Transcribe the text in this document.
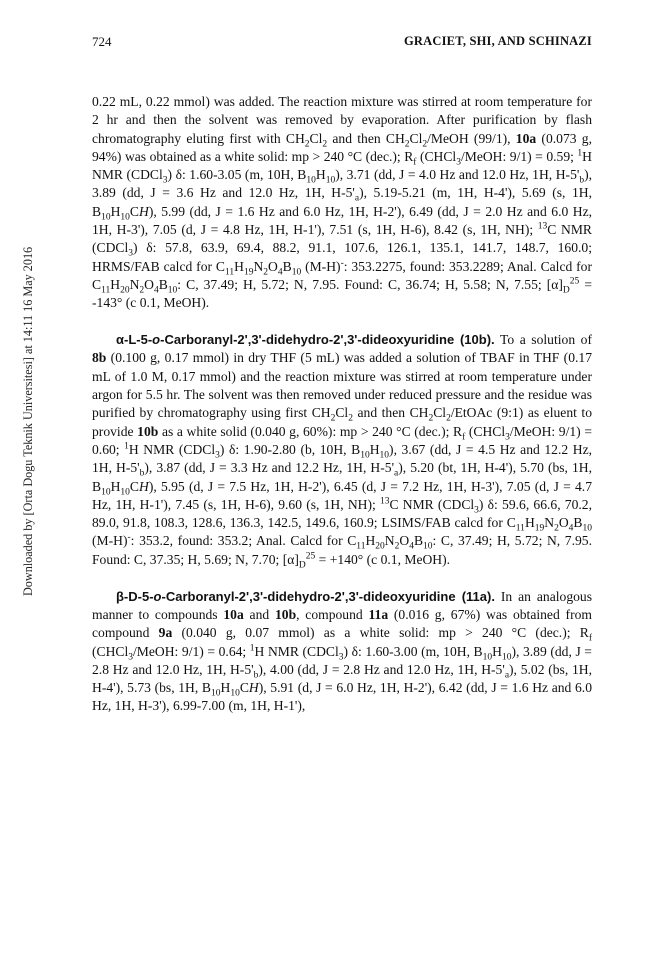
724	GRACIET, SHI, AND SCHINAZI
Downloaded by [Orta Dogu Teknik Universitesi] at 14:11 16 May 2016

0.22 mL, 0.22 mmol) was added. The reaction mixture was stirred at room temperature for 2 hr and then the solvent was removed by evaporation. After purification by flash chromatography eluting first with $CH_2Cl_2$ and then $CH_2Cl_2$/MeOH (99/1), 10a (0.073 g, 94%) was obtained as a white solid: mp > 240 °C (dec.); $R_f$ (CHCl$_3$/MeOH: 9/1) = 0.59; $^1$H NMR (CDCl$_3$) δ: 1.60-3.05 (m, 10H, $B_{10}H_{10}$), 3.71 (dd, J = 4.0 Hz and 12.0 Hz, 1H, $H-5'_b$), 3.89 (dd, J = 3.6 Hz and 12.0 Hz, 1H, $H-5'_a$), 5.19-5.21 (m, 1H, H-4'), 5.69 (s, 1H, $B_{10}H_{10}CH$), 5.99 (dd, J = 1.6 Hz and 6.0 Hz, 1H, H-2'), 6.49 (dd, J = 2.0 Hz and 6.0 Hz, 1H, H-3'), 7.05 (d, J = 4.8 Hz, 1H, H-1'), 7.51 (s, 1H, H-6), 8.42 (s, 1H, NH); $^{13}$C NMR (CDCl$_3$) δ: 57.8, 63.9, 69.4, 88.2, 91.1, 107.6, 126.1, 135.1, 141.7, 148.7, 160.0; HRMS/FAB calcd for $C_{11}H_{19}N_2O_4B_{10}$ (M-H)-: 353.2275, found: 353.2289; Anal. Calcd for $C_{11}H_{20}N_2O_4B_{10}$: C, 37.49; H, 5.72; N, 7.95. Found: C, 36.74; H, 5.58; N, 7.55; $[\alpha]_D^{25} = -143^\circ$ (c 0.1, MeOH).

α-L-5-o-Carboranyl-2',3'-didehydro-2',3'-dideoxyuridine (10b). To a solution of 8b (0.100 g, 0.17 mmol) in dry THF (5 mL) was added a solution of TBAF in THF (0.17 mL of 1.0 M, 0.17 mmol) and the reaction mixture was stirred at room temperature under argon for 5.5 hr. The solvent was then removed under reduced pressure and the residue was purified by chromatography using first $CH_2Cl_2$ and then $CH_2Cl_2$/EtOAc (9:1) as eluent to provide 10b as a white solid (0.040 g, 60%): mp > 240 °C (dec.); $R_f$ (CHCl$_3$/MeOH: 9/1) = 0.60; $^1$H NMR (CDCl$_3$) δ: 1.90-2.80 (b, 10H, $B_{10}H_{10}$), 3.67 (dd, J = 4.5 Hz and 12.2 Hz, 1H, $H-5'_b$), 3.87 (dd, J = 3.3 Hz and 12.2 Hz, 1H, $H-5'_a$), 5.20 (bt, 1H, H-4'), 5.70 (bs, 1H, $B_{10}H_{10}CH$), 5.95 (d, J = 7.5 Hz, 1H, H-2'), 6.45 (d, J = 7.2 Hz, 1H, H-3'), 7.05 (d, J = 4.7 Hz, 1H, H-1'), 7.45 (s, 1H, H-6), 9.60 (s, 1H, NH); $^{13}$C NMR (CDCl$_3$) δ: 59.6, 66.6, 70.2, 89.0, 91.8, 108.3, 128.6, 136.3, 142.5, 149.6, 160.9; LSIMS/FAB calcd for $C_{11}H_{19}N_2O_4B_{10}$ (M-H)-: 353.2, found: 353.2; Anal. Calcd for $C_{11}H_{20}N_2O_4B_{10}$: C, 37.49; H, 5.72; N, 7.95. Found: C, 37.35; H, 5.69; N, 7.70; $[\alpha]_D^{25} = +140^\circ$ (c 0.1, MeOH).

β-D-5-o-Carboranyl-2',3'-didehydro-2',3'-dideoxyuridine (11a). In an analogous manner to compounds 10a and 10b, compound 11a (0.016 g, 67%) was obtained from compound 9a (0.040 g, 0.07 mmol) as a white solid: mp > 240 °C (dec.); $R_f$ (CHCl$_3$/MeOH: 9/1) = 0.64; $^1$H NMR (CDCl$_3$) δ: 1.60-3.00 (m, 10H, $B_{10}H_{10}$), 3.89 (dd, J = 2.8 Hz and 12.0 Hz, 1H, $H-5'_b$), 4.00 (dd, J = 2.8 Hz and 12.0 Hz, 1H, $H-5'_a$), 5.02 (bs, 1H, H-4'), 5.73 (bs, 1H, $B_{10}H_{10}CH$), 5.91 (d, J = 6.0 Hz, 1H, H-2'), 6.42 (dd, J = 1.6 Hz and 6.0 Hz, 1H, H-3'), 6.99-7.00 (m, 1H, H-1'),
